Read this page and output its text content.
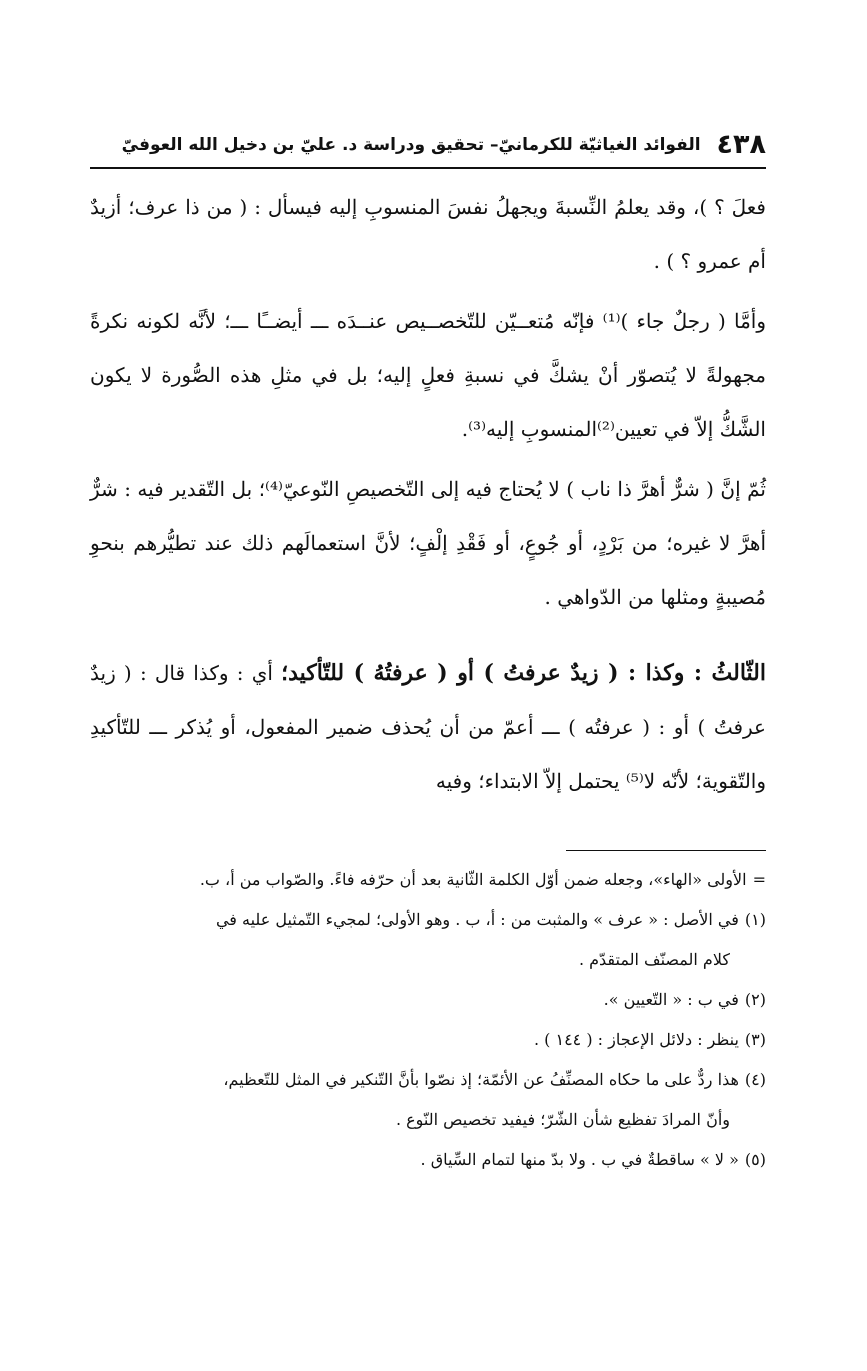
٤٣٨
الفوائد الغياثيّة للكرمانيّ– تحقيق ودراسة د. عليّ بن دخيل الله العوفيّ

فعلَ ؟ )، وقد يعلمُ النِّسبةَ ويجهلُ نفسَ المنسوبِ إليه فيسأل : ( من ذا عرف؛ أزيدٌ أم عمرو ؟ ) .

وأمَّا ( رجلٌ جاء )⁽¹⁾ فإنّه مُتعــيّن للتّخصــيص عنــدَه ـــ أيضــًا ـــ؛ لأنَّه لكونه نكرةً مجهولةً لا يُتصوّر أنْ يشكَّ في نسبةِ فعلٍ إليه؛ بل في مثلِ هذه الصُّورة لا يكون الشَّكُّ إلاّ في تعيين⁽²⁾المنسوبِ إليه⁽³⁾.

ثُمّ إنَّ ( شرٌّ أهرَّ ذا ناب ) لا يُحتاج فيه إلى التّخصيصِ النّوعيّ⁽⁴⁾؛ بل التّقدير فيه : شرٌّ أهرَّ لا غيره؛ من بَرْدٍ، أو جُوعٍ، أو فَقْدِ إلْفٍ؛ لأنَّ استعمالَهم ذلك عند تطيُّرهم بنحوِ مُصيبةٍ ومثلها من الدّواهي .

الثّالثُ : وكذا : ( زيدٌ عرفتُ ) أو ( عرفتُهُ ) للتّأكيد؛ أي : وكذا قال : ( زيدٌ عرفتُ ) أو : ( عرفتُه ) ـــ أعمّ من أن يُحذف ضمير المفعول، أو يُذكر ـــ للتّأكيدِ والتّقوية؛ لأنّه لا⁽⁵⁾ يحتمل إلاّ الابتداء؛ وفيه

=الأولى «الهاء»، وجعله ضمن أوّل الكلمة الثّانية بعد أن حرّفه فاءً. والصّواب من أ، ب.

(١)في الأصل : « عرف » والمثبت من : أ، ب . وهو الأولى؛ لمجيء التّمثيل عليه في
كلام المصنّف المتقدّم .

(٢)في ب : « التّعيين ».

(٣)ينظر : دلائل الإعجاز : ( ١٤٤ ) .

(٤)هذا ردٌّ على ما حكاه المصنِّفُ عن الأئمّة؛ إذ نصّوا بأنَّ التّنكير في المثل للتّعظيم،
وأنّ المرادَ تفظيع شأن الشّرّ؛ فيفيد تخصيص النّوع .

(٥)« لا » ساقطةٌ في ب . ولا بدّ منها لتمام السِّياق .
